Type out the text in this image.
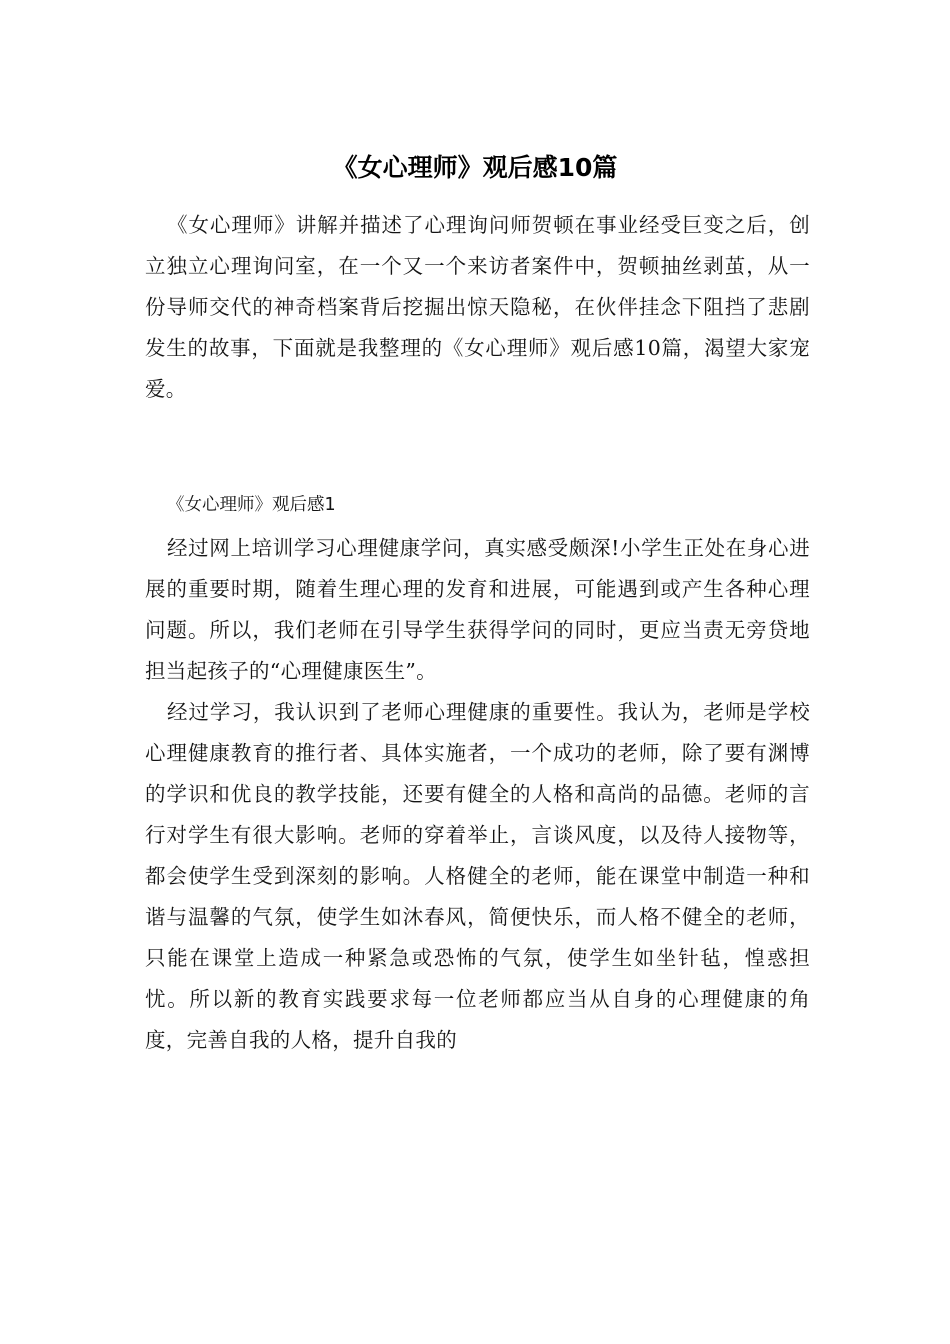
《女心理师》观后感10篇

《女心理师》讲解并描述了心理询问师贺顿在事业经受巨变之后，创立独立心理询问室，在一个又一个来访者案件中，贺顿抽丝剥茧，从一份导师交代的神奇档案背后挖掘出惊天隐秘，在伙伴挂念下阻挡了悲剧发生的故事，下面就是我整理的《女心理师》观后感10篇，渴望大家宠爱。

《女心理师》观后感1

经过网上培训学习心理健康学问，真实感受颇深!小学生正处在身心进展的重要时期，随着生理心理的发育和进展，可能遇到或产生各种心理问题。所以，我们老师在引导学生获得学问的同时，更应当责无旁贷地担当起孩子的“心理健康医生”。

经过学习，我认识到了老师心理健康的重要性。我认为，老师是学校心理健康教育的推行者、具体实施者，一个成功的老师，除了要有渊博的学识和优良的教学技能，还要有健全的人格和高尚的品德。老师的言行对学生有很大影响。老师的穿着举止，言谈风度，以及待人接物等，都会使学生受到深刻的影响。人格健全的老师，能在课堂中制造一种和谐与温馨的气氛，使学生如沐春风，简便快乐，而人格不健全的老师，只能在课堂上造成一种紧急或恐怖的气氛，使学生如坐针毡，惶惑担忧。所以新的教育实践要求每一位老师都应当从自身的心理健康的角度，完善自我的人格，提升自我的
